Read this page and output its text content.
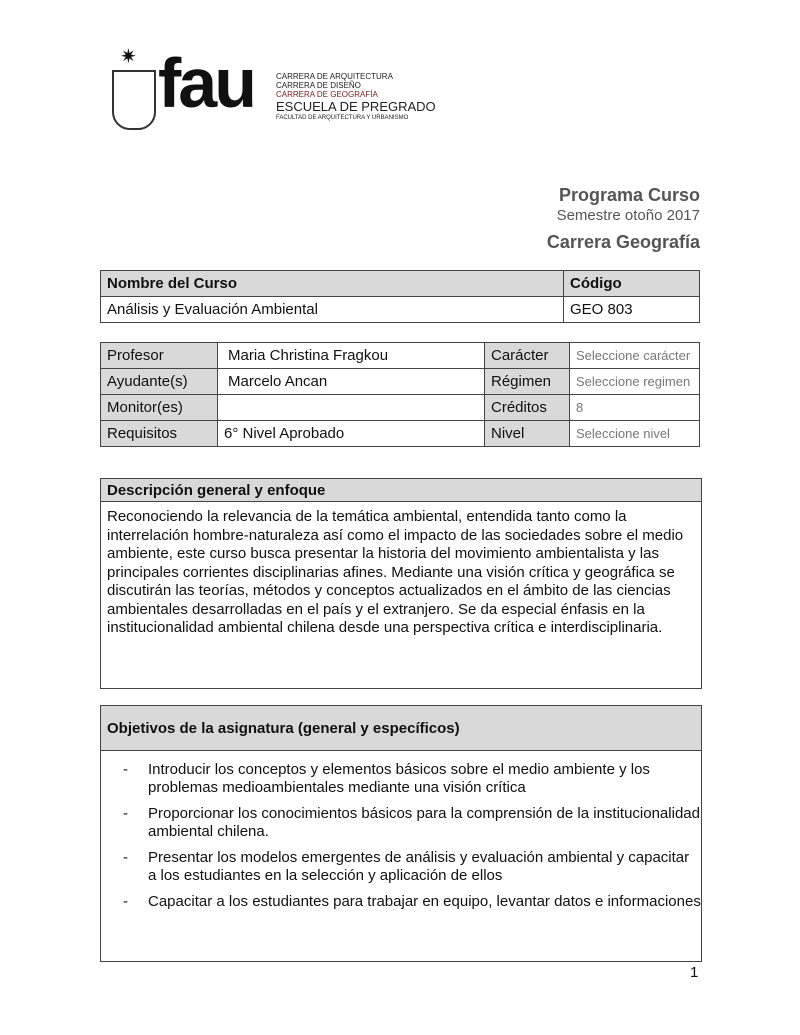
✷ fau	CARRERA DE ARQUITECTURA
CARRERA DE DISEÑO
CARRERA DE GEOGRAFÍA
ESCUELA DE PREGRADO
FACULTAD DE ARQUITECTURA Y URBANISMO
Programa Curso
Semestre otoño 2017
Carrera Geografía
Nombre del Curso	Código
Análisis y Evaluación Ambiental	GEO 803
Profesor	Maria Christina Fragkou	Carácter	Seleccione carácter
Ayudante(s)	Marcelo Ancan	Régimen	Seleccione regimen
Monitor(es)		Créditos	8
Requisitos	6° Nivel Aprobado	Nivel	Seleccione nivel
Descripción general y enfoque
Reconociendo la relevancia de la temática ambiental, entendida tanto como la interrelación hombre-naturaleza así como el impacto de las sociedades sobre el medio ambiente, este curso busca presentar la historia del movimiento ambientalista y las principales corrientes disciplinarias afines. Mediante una visión crítica y geográfica se discutirán las teorías, métodos y conceptos actualizados en el ámbito de las ciencias ambientales desarrolladas en el país y el extranjero. Se da especial énfasis en la institucionalidad ambiental chilena desde una perspectiva crítica e interdisciplinaria.
Objetivos de la asignatura (general y específicos)
- Introducir los conceptos y elementos básicos sobre el medio ambiente y los problemas medioambientales mediante una visión crítica
- Proporcionar los conocimientos básicos para la comprensión de la institucionalidad ambiental chilena.
- Presentar los modelos emergentes de análisis y evaluación ambiental y capacitar a los estudiantes en la selección y aplicación de ellos
- Capacitar a los estudiantes para trabajar en equipo, levantar datos e informaciones
1
